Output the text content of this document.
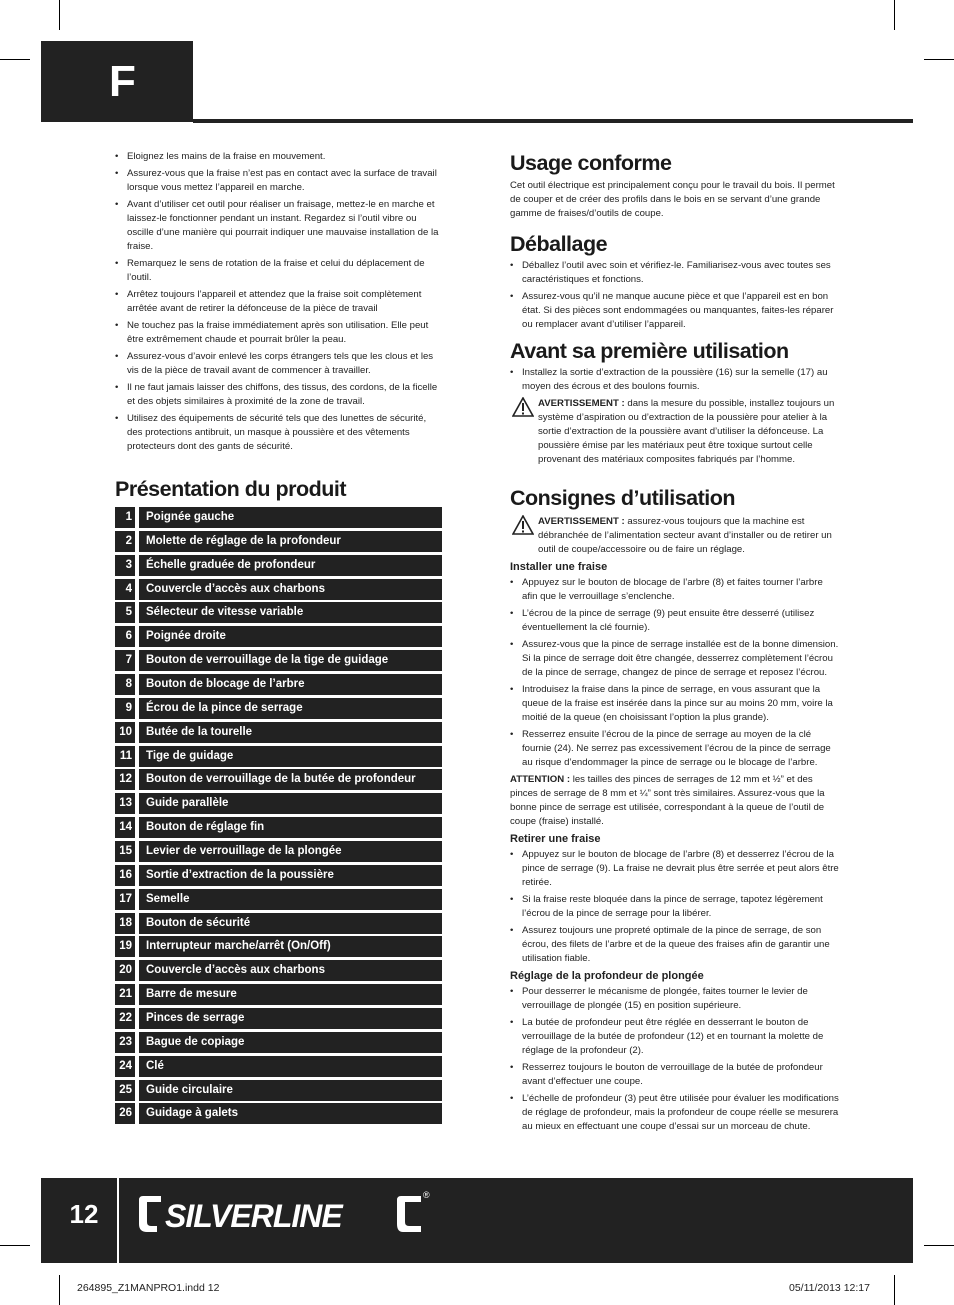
F
• Eloignez les mains de la fraise en mouvement.
• Assurez-vous que la fraise n’est pas en contact avec la surface de travail lorsque vous mettez l’appareil en marche.
• Avant d’utiliser cet outil pour réaliser un fraisage, mettez-le en marche et laissez-le fonctionner pendant un instant. Regardez si l’outil vibre ou oscille d’une manière qui pourrait indiquer une mauvaise installation de la fraise.
• Remarquez le sens de rotation de la fraise et celui du déplacement de l’outil.
• Arrêtez toujours l’appareil et attendez que la fraise soit complètement arrêtée avant de retirer la défonceuse de la pièce de travail
• Ne touchez pas la fraise immédiatement après son utilisation. Elle peut être extrêmement chaude et pourrait brûler la peau.
• Assurez-vous d’avoir enlevé les corps étrangers tels que les clous et les vis de la pièce de travail avant de commencer à travailler.
• Il ne faut jamais laisser des chiffons, des tissus, des cordons, de la ficelle et des objets similaires à proximité de la zone de travail.
• Utilisez des équipements de sécurité tels que des lunettes de sécurité, des protections antibruit, un masque à poussière et des vêtements protecteurs dont des gants de sécurité.
Présentation du produit
1	Poignée gauche
2	Molette de réglage de la profondeur
3	Échelle graduée de profondeur
4	Couvercle d’accès aux charbons
5	Sélecteur de vitesse variable
6	Poignée droite
7	Bouton de verrouillage de la tige de guidage
8	Bouton de blocage de l’arbre
9	Écrou de la pince de serrage
10	Butée de la tourelle
11	Tige de guidage
12	Bouton de verrouillage de la butée de profondeur
13	Guide parallèle
14	Bouton de réglage fin
15	Levier de verrouillage de la plongée
16	Sortie d’extraction de la poussière
17	Semelle
18	Bouton de sécurité
19	Interrupteur marche/arrêt (On/Off)
20	Couvercle d’accès aux charbons
21	Barre de mesure
22	Pinces de serrage
23	Bague de copiage
24	Clé
25	Guide circulaire
26	Guidage à galets
Usage conforme

Cet outil électrique est principalement conçu pour le travail du bois. Il permet de couper et de créer des profils dans le bois en se servant d’une grande gamme de fraises/d’outils de coupe.

Déballage
• Déballez l’outil avec soin et vérifiez-le. Familiarisez-vous avec toutes ses caractéristiques et fonctions.
• Assurez-vous qu’il ne manque aucune pièce et que l’appareil est en bon état. Si des pièces sont endommagées ou manquantes, faites-les réparer ou remplacer avant d’utiliser l’appareil.
Avant sa première utilisation
• Installez la sortie d’extraction de la poussière (16) sur la semelle (17) au moyen des écrous et des boulons fournis.
AVERTISSEMENT : dans la mesure du possible, installez toujours un système d’aspiration ou d’extraction de la poussière pour atelier à la sortie d’extraction de la poussière avant d’utiliser la défonceuse. La poussière émise par les matériaux peut être toxique surtout celle provenant des matériaux composites fabriqués par l’homme.
Consignes d’utilisation
AVERTISSEMENT : assurez-vous toujours que la machine est débranchée de l’alimentation secteur avant d’installer ou de retirer un outil de coupe/accessoire ou de faire un réglage.
Installer une fraise
• Appuyez sur le bouton de blocage de l’arbre (8) et faites tourner l’arbre afin que le verrouillage s’enclenche.
• L’écrou de la pince de serrage (9) peut ensuite être desserré (utilisez éventuellement la clé fournie).
• Assurez-vous que la pince de serrage installée est de la bonne dimension. Si la pince de serrage doit être changée, desserrez complètement l’écrou de la pince de serrage, changez de pince de serrage et reposez l’écrou.
• Introduisez la fraise dans la pince de serrage, en vous assurant que la queue de la fraise est insérée dans la pince sur au moins 20 mm, voire la moitié de la queue (en choisissant l’option la plus grande).
• Resserrez ensuite l’écrou de la pince de serrage au moyen de la clé fournie (24). Ne serrez pas excessivement l’écrou de la pince de serrage au risque d’endommager la pince de serrage ou le blocage de l’arbre.

ATTENTION : les tailles des pinces de serrages de 12 mm et ½” et des pinces de serrage de 8 mm et ¼” sont très similaires. Assurez-vous que la bonne pince de serrage est utilisée, correspondant à la queue de l’outil de coupe (fraise) installé.

Retirer une fraise
• Appuyez sur le bouton de blocage de l’arbre (8) et desserrez l’écrou de la pince de serrage (9). La fraise ne devrait plus être serrée et peut alors être retirée.
• Si la fraise reste bloquée dans la pince de serrage, tapotez légèrement l’écrou de la pince de serrage pour la libérer.
• Assurez toujours une propreté optimale de la pince de serrage, de son écrou, des filets de l’arbre et de la queue des fraises afin de garantir une utilisation fiable.
Réglage de la profondeur de plongée
• Pour desserrer le mécanisme de plongée, faites tourner le levier de verrouillage de plongée (15) en position supérieure.
• La butée de profondeur peut être réglée en desserrant le bouton de verrouillage de la butée de profondeur (12) et en tournant la molette de réglage de la profondeur (2).
• Resserrez toujours le bouton de verrouillage de la butée de profondeur avant d’effectuer une coupe.
• L’échelle de profondeur (3) peut être utilisée pour évaluer les modifications de réglage de profondeur, mais la profondeur de coupe réelle se mesurera au mieux en effectuant une coupe d’essai sur un morceau de chute.
12	SILVERLINE
®
264895_Z1MANPRO1.indd 12	05/11/2013 12:17
